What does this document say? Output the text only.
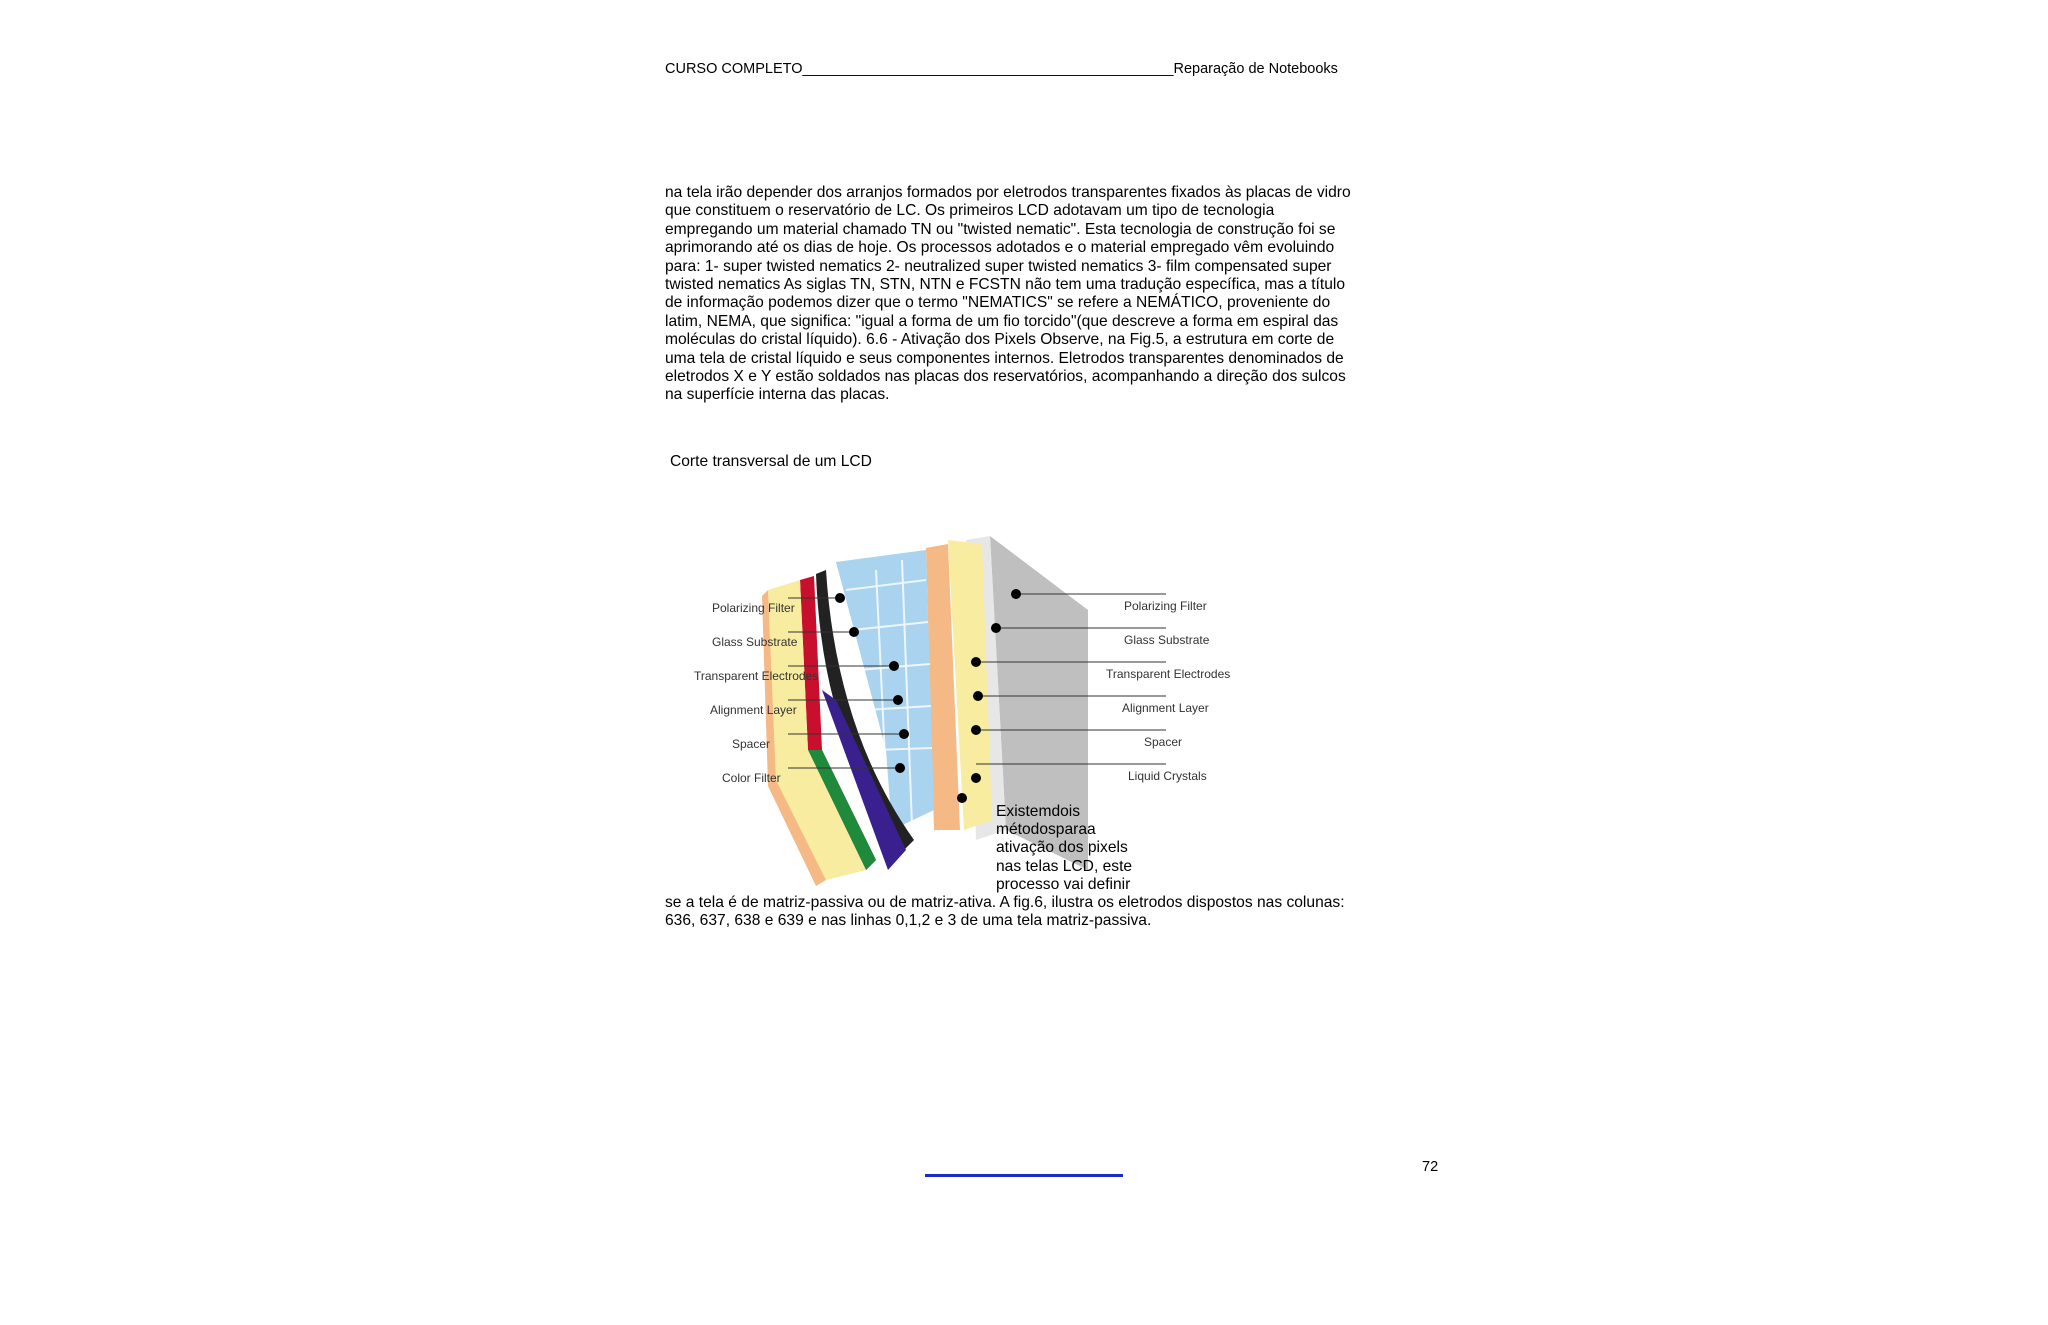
CURSO COMPLETO______________________________________________Reparação de Notebooks

na tela irão depender dos arranjos formados por eletrodos transparentes fixados às placas de vidro que constituem o reservatório de LC. Os primeiros LCD adotavam um tipo de tecnologia empregando um material chamado TN ou "twisted nematic". Esta tecnologia de construção foi se aprimorando até os dias de hoje. Os processos adotados e o material empregado vêm evoluindo para: 1- super twisted nematics 2- neutralized super twisted nematics 3- film compensated super twisted nematics As siglas TN, STN, NTN e FCSTN não tem uma tradução específica, mas a título de informação podemos dizer que o termo "NEMATICS" se refere a NEMÁTICO, proveniente do latim, NEMA, que significa: "igual a forma de um fio torcido"(que descreve a forma em espiral das moléculas do cristal líquido). 6.6 - Ativação dos Pixels Observe, na Fig.5, a estrutura em corte de uma tela de cristal líquido e seus componentes internos. Eletrodos transparentes denominados de eletrodos X e Y estão soldados nas placas dos reservatórios, acompanhando a direção dos sulcos na superfície interna das placas.

Corte transversal de um LCD
Polarizing Filter
Glass Substrate
Transparent Electrodes
Alignment Layer
Spacer
Color Filter
Polarizing Filter
Glass Substrate
Transparent Electrodes
Alignment Layer
Spacer
Liquid Crystals

Existemdois métodosparaa ativação dos pixels nas telas LCD, este processo vai definir

se a tela é de matriz-passiva ou de matriz-ativa. A fig.6, ilustra os eletrodos dispostos nas colunas: 636, 637, 638 e 639 e nas linhas 0,1,2 e 3 de uma tela matriz-passiva.

72
